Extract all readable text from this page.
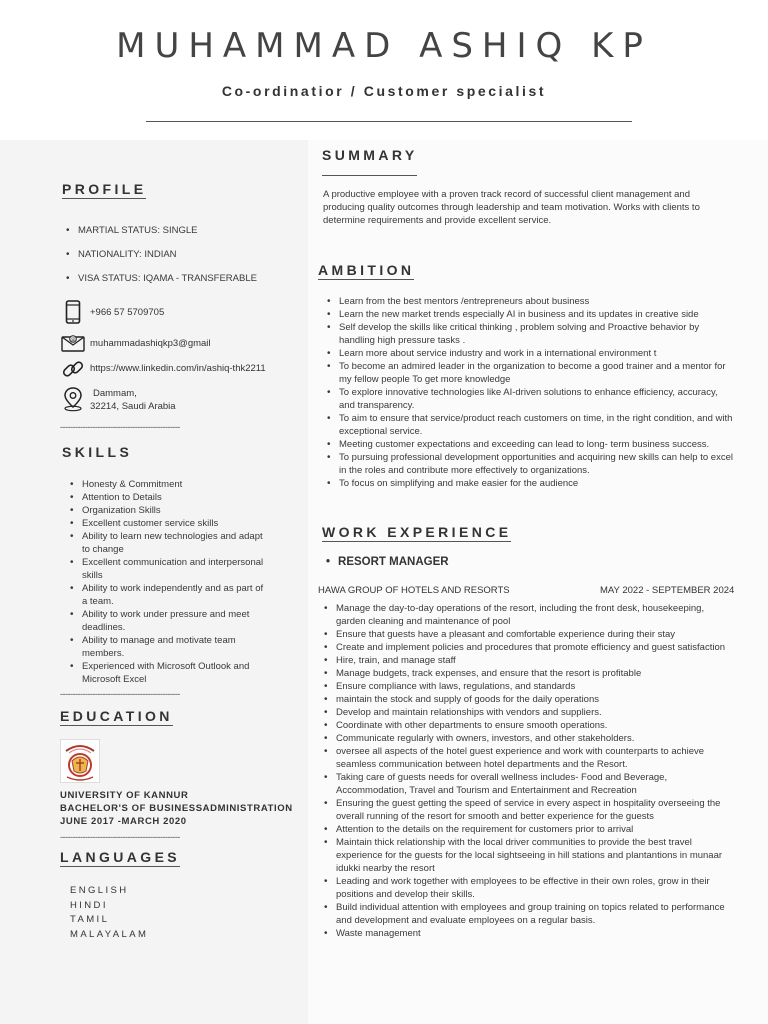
MUHAMMAD ASHIQ KP
Co-ordinatior / Customer specialist
PROFILE
• MARTIAL STATUS: SINGLE
• NATIONALITY: INDIAN
• VISA STATUS: IQAMA - TRANSFERABLE
+966 57 5709705
@ muhammadashiqkp3@gmail
https://www.linkedin.com/in/ashiq-thk2211
Dammam,
32214, Saudi Arabia
------------------------------------------------
SKILLS
• Honesty & Commitment
• Attention to Details
• Organization Skills
• Excellent customer service skills
• Ability to learn new technologies and adapt to change
• Excellent communication and interpersonal skills
• Ability to work independently and as part of a team.
• Ability to work under pressure and meet deadlines.
• Ability to manage and motivate team members.
• Experienced with Microsoft Outlook and Microsoft Excel
------------------------------------------------
EDUCATION
UNIVERSITY OF KANNUR
BACHELOR'S OF BUSINESSADMINISTRATION
JUNE 2017 -MARCH 2020
------------------------------------------------
LANGUAGES
ENGLISH
HINDI
TAMIL
MALAYALAM
SUMMARY
A productive employee with a proven track record of successful client management and producing quality outcomes through leadership and team motivation. Works with clients to determine requirements and provide excellent service.
AMBITION
• Learn from the best mentors /entrepreneurs about business
• Learn the new market trends especially AI in business and its updates in creative side
• Self develop the skills like critical thinking , problem solving and Proactive behavior by handling high pressure tasks .
• Learn more about service industry and work in a international environment t
• To become an admired leader in the organization to become a good trainer and a mentor for my fellow people To get more knowledge
• To explore innovative technologies like AI-driven solutions to enhance efficiency, accuracy, and transparency.
• To aim to ensure that service/product reach customers on time, in the right condition, and with exceptional service.
• Meeting customer expectations and exceeding can lead to long- term business success.
• To pursuing professional development opportunities and acquiring new skills can help to excel in the roles and contribute more effectively to organizations.
• To focus on simplifying and make easier for the audience
WORK EXPERIENCE
• RESORT MANAGER
HAWA GROUP OF HOTELS AND RESORTS	MAY 2022 - SEPTEMBER 2024
• Manage the day-to-day operations of the resort, including the front desk, housekeeping, garden cleaning and maintenance of pool
• Ensure that guests have a pleasant and comfortable experience during their stay
• Create and implement policies and procedures that promote efficiency and guest satisfaction
• Hire, train, and manage staff
• Manage budgets, track expenses, and ensure that the resort is profitable
• Ensure compliance with laws, regulations, and standards
• maintain the stock and supply of goods for the daily operations
• Develop and maintain relationships with vendors and suppliers.
• Coordinate with other departments to ensure smooth operations.
• Communicate regularly with owners, investors, and other stakeholders.
• oversee all aspects of the hotel guest experience and work with counterparts to achieve seamless communication between hotel departments and the Resort.
• Taking care of guests needs for overall wellness includes- Food and Beverage, Accommodation, Travel and Tourism and Entertainment and Recreation
• Ensuring the guest getting the speed of service in every aspect in hospitality overseeing the overall running of the resort for smooth and better experience for the guests
• Attention to the details on the requirement for customers prior to arrival
• Maintain thick relationship with the local driver communities to provide the best travel experience for the guests for the local sightseeing in hill stations and plantantions in munaar idukki nearby the resort
• Leading and work together with employees to be effective in their own roles, grow in their positions and develop their skills.
• Build individual attention with employees and group training on topics related to performance and development and evaluate employees on a regular basis.
• Waste management
